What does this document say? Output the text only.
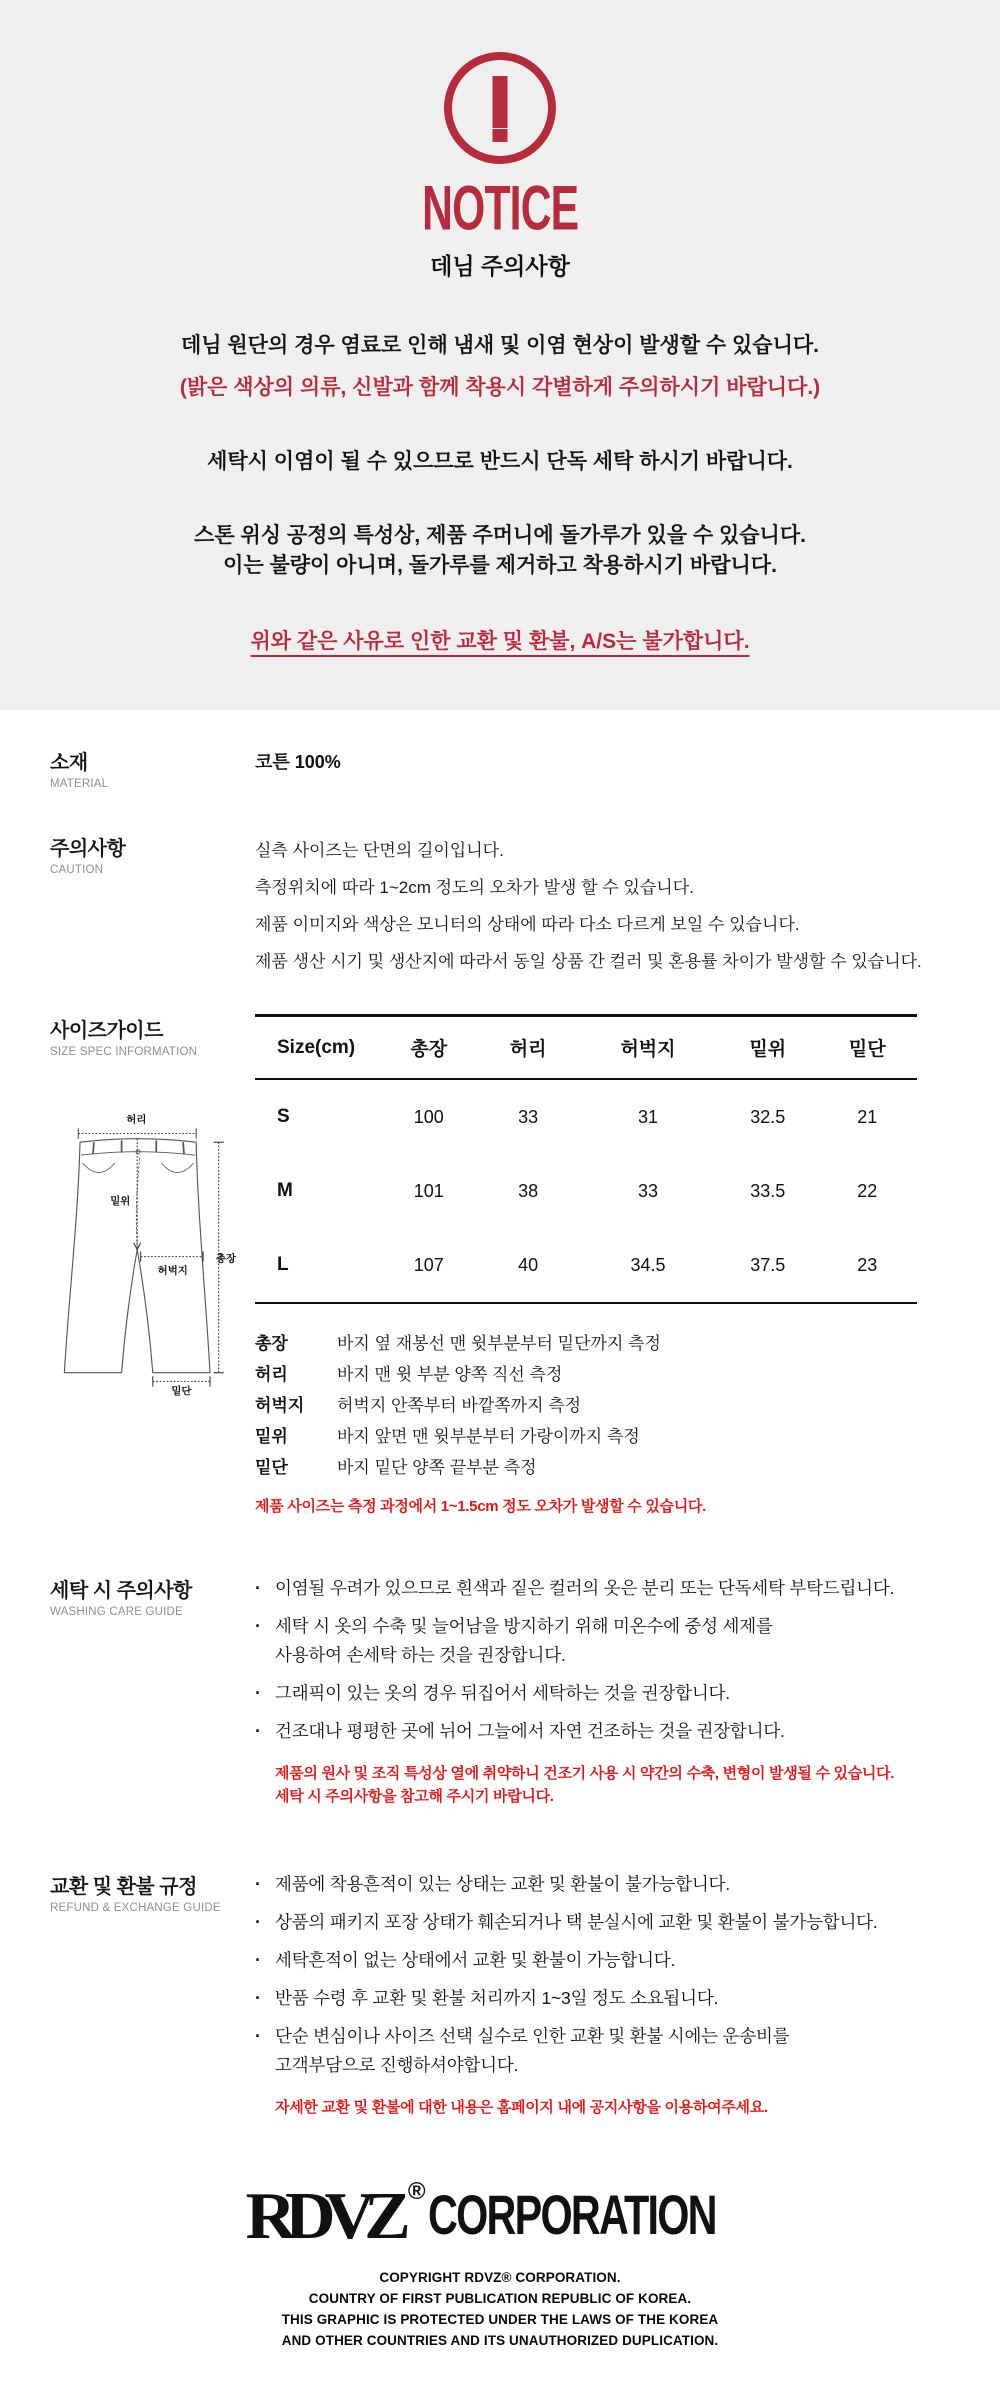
NOTICE
데님 주의사항
데님 원단의 경우 염료로 인해 냄새 및 이염 현상이 발생할 수 있습니다.
(밝은 색상의 의류, 신발과 함께 착용시 각별하게 주의하시기 바랍니다.)
세탁시 이염이 될 수 있으므로 반드시 단독 세탁 하시기 바랍니다.
스톤 위싱 공정의 특성상, 제품 주머니에 돌가루가 있을 수 있습니다.
이는 불량이 아니며, 돌가루를 제거하고 착용하시기 바랍니다.
위와 같은 사유로 인한 교환 및 환불, A/S는 불가합니다.
소재
MATERIAL
코튼 100%
주의사항
CAUTION
실측 사이즈는 단면의 길이입니다.
측정위치에 따라 1~2cm 정도의 오차가 발생 할 수 있습니다.
제품 이미지와 색상은 모니터의 상태에 따라 다소 다르게 보일 수 있습니다.
제품 생산 시기 및 생산지에 따라서 동일 상품 간 컬러 및 혼용률 차이가 발생할 수 있습니다.
사이즈가이드
SIZE SPEC INFORMATION
허리
밑위
허벅지
총장
밑단
Size(cm)	총장	허리	허벅지	밑위	밑단
S	100	33	31	32.5	21
M	101	38	33	33.5	22
L	107	40	34.5	37.5	23
총장	바지 옆 재봉선 맨 윗부분부터 밑단까지 측정
허리	바지 맨 윗 부분 양쪽 직선 측정
허벅지	허벅지 안쪽부터 바깥쪽까지 측정
밑위	바지 앞면 맨 윗부분부터 가랑이까지 측정
밑단	바지 밑단 양쪽 끝부분 측정
제품 사이즈는 측정 과정에서 1~1.5cm 정도 오차가 발생할 수 있습니다.
세탁 시 주의사항
WASHING CARE GUIDE
· 이염될 우려가 있으므로 흰색과 짙은 컬러의 옷은 분리 또는 단독세탁 부탁드립니다.
· 세탁 시 옷의 수축 및 늘어남을 방지하기 위해 미온수에 중성 세제를
사용하여 손세탁 하는 것을 권장합니다.
· 그래픽이 있는 옷의 경우 뒤집어서 세탁하는 것을 권장합니다.
· 건조대나 평평한 곳에 뉘어 그늘에서 자연 건조하는 것을 권장합니다.
제품의 원사 및 조직 특성상 열에 취약하니 건조기 사용 시 약간의 수축, 변형이 발생될 수 있습니다.
세탁 시 주의사항을 참고해 주시기 바랍니다.
교환 및 환불 규정
REFUND & EXCHANGE GUIDE
· 제품에 착용흔적이 있는 상태는 교환 및 환불이 불가능합니다.
· 상품의 패키지 포장 상태가 훼손되거나 택 분실시에 교환 및 환불이 불가능합니다.
· 세탁흔적이 없는 상태에서 교환 및 환불이 가능합니다.
· 반품 수령 후 교환 및 환불 처리까지 1~3일 정도 소요됩니다.
· 단순 변심이나 사이즈 선택 실수로 인한 교환 및 환불 시에는 운송비를
고객부담으로 진행하셔야합니다.
자세한 교환 및 환불에 대한 내용은 홈페이지 내에 공지사항을 이용하여주세요.
RDVZ ®CORPORATION
COPYRIGHT RDVZ® CORPORATION.
COUNTRY OF FIRST PUBLICATION REPUBLIC OF KOREA.
THIS GRAPHIC IS PROTECTED UNDER THE LAWS OF THE KOREA
AND OTHER COUNTRIES AND ITS UNAUTHORIZED DUPLICATION.
